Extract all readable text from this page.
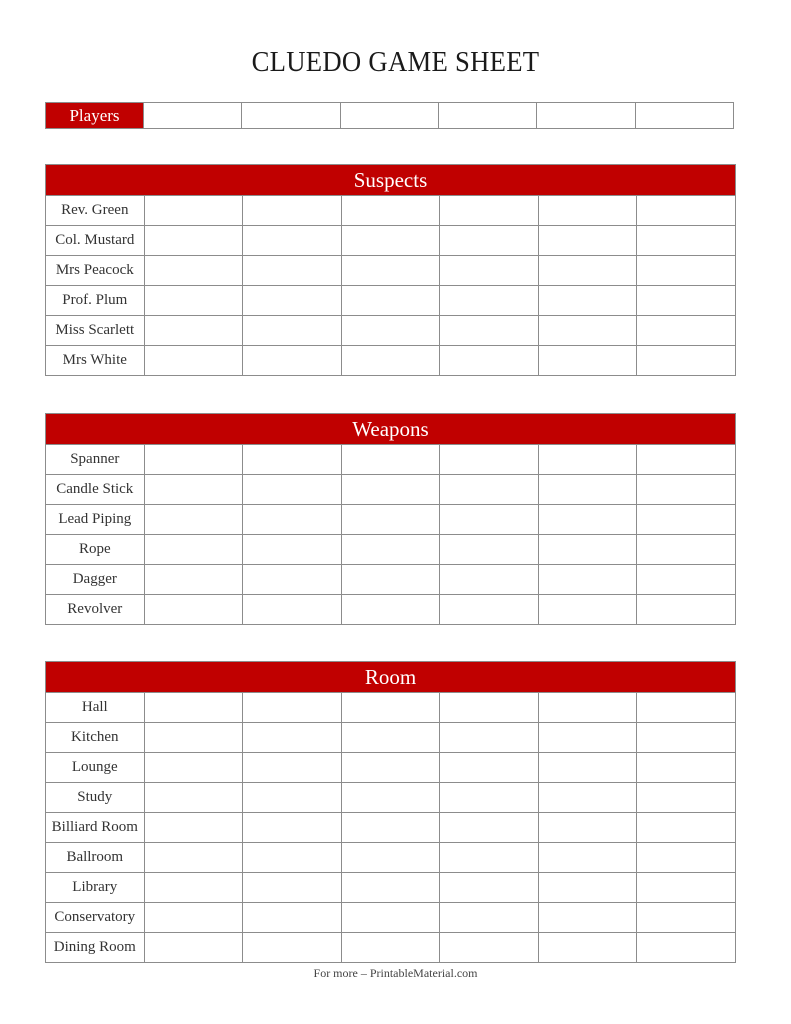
CLUEDO GAME SHEET
Players						
Suspects						
Rev. Green						
Col. Mustard						
Mrs Peacock						
Prof. Plum						
Miss Scarlett						
Mrs White						
Weapons						
Spanner						
Candle Stick						
Lead Piping						
Rope						
Dagger						
Revolver						
Room						
Hall						
Kitchen						
Lounge						
Study						
Billiard Room						
Ballroom						
Library						
Conservatory						
Dining Room						
For more – PrintableMaterial.com
